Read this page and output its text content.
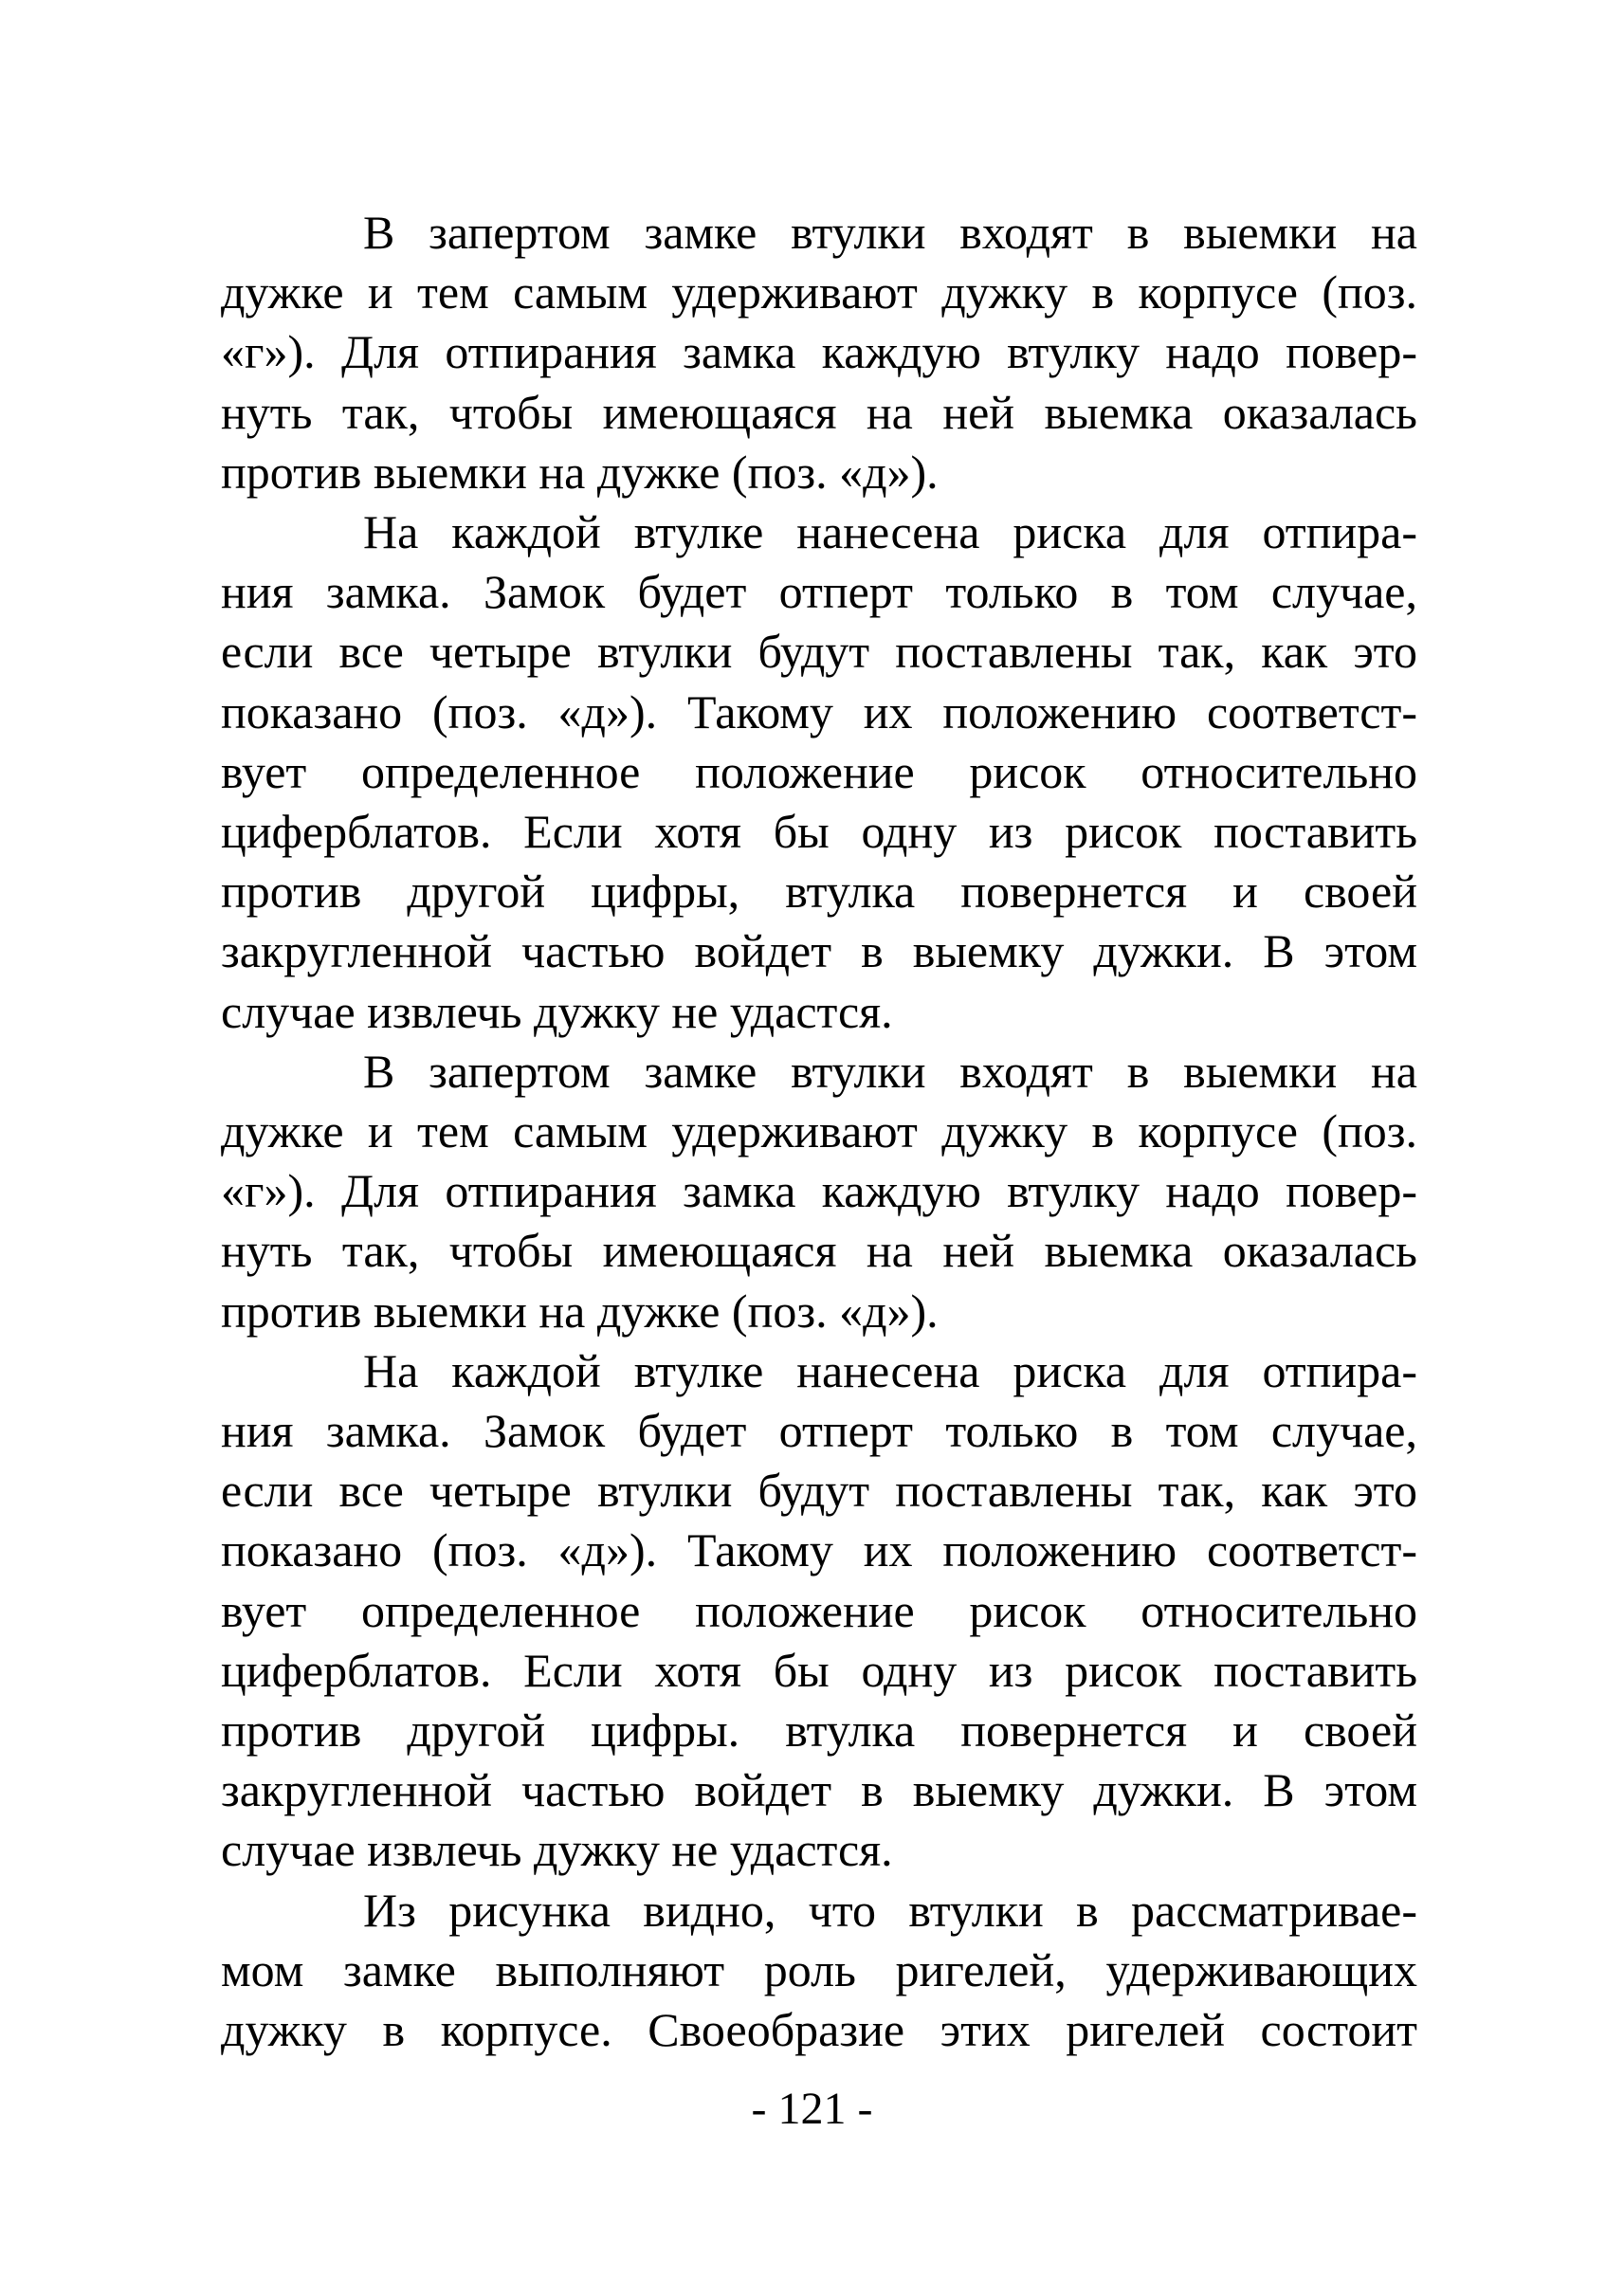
В запертом замке втулки входят в выемки на
дужке и тем самым удерживают дужку в корпусе (поз.
«г»). Для отпирания замка каждую втулку надо повер-
нуть так, чтобы имеющаяся на ней выемка оказалась
против выемки на дужке (поз. «д»).
На каждой втулке нанесена риска для отпира-
ния замка. Замок будет отперт только в том случае,
если все четыре втулки будут поставлены так, как это
показано (поз. «д»). Такому их положению соответст-
вует определенное положение рисок относительно
циферблатов. Если хотя бы одну из рисок поставить
против другой цифры, втулка повернется и своей
закругленной частью войдет в выемку дужки. В этом
случае извлечь дужку не удастся.
В запертом замке втулки входят в выемки на
дужке и тем самым удерживают дужку в корпусе (поз.
«г»). Для отпирания замка каждую втулку надо повер-
нуть так, чтобы имеющаяся на ней выемка оказалась
против выемки на дужке (поз. «д»).
На каждой втулке нанесена риска для отпира-
ния замка. Замок будет отперт только в том случае,
если все четыре втулки будут поставлены так, как это
показано (поз. «д»). Такому их положению соответст-
вует определенное положение рисок относительно
циферблатов. Если хотя бы одну из рисок поставить
против другой цифры. втулка повернется и своей
закругленной частью войдет в выемку дужки. В этом
случае извлечь дужку не удастся.
Из рисунка видно, что втулки в рассматривае-
мом замке выполняют роль ригелей, удерживающих
дужку в корпусе. Своеобразие этих ригелей состоит
- 121 -
